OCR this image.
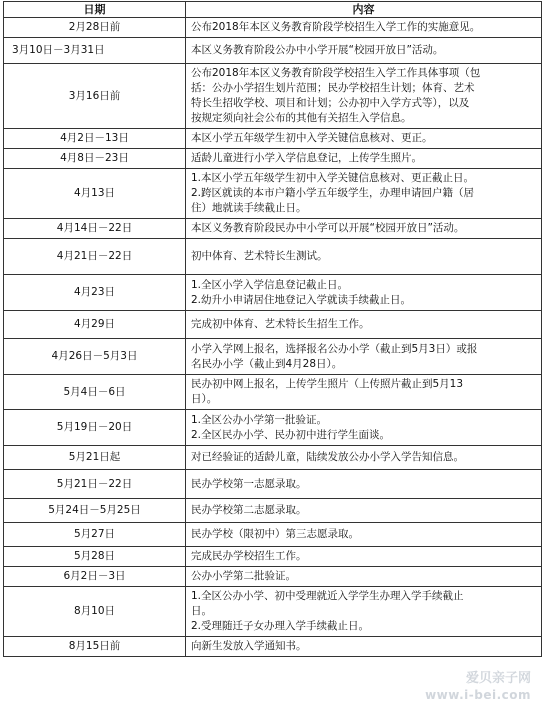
日期	内容
2月28日前	公布2018年本区义务教育阶段学校招生入学工作的实施意见。

3月10日－3月31日	本区义务教育阶段公办中小学开展“校园开放日”活动。

3月16日前	公布2018年本区义务教育阶段学校招生入学工作具体事项（包
括：公办小学招生划片范围；民办学校招生计划；体育、艺术
特长生招收学校、项目和计划；公办初中入学方式等），以及
按规定须向社会公布的其他有关招生入学信息。

4月2日－13日	本区小学五年级学生初中入学关键信息核对、更正。

4月8日－23日	适龄儿童进行小学入学信息登记，上传学生照片。

4月13日	1.本区小学五年级学生初中入学关键信息核对、更正截止日。
2.跨区就读的本市户籍小学五年级学生，办理申请回户籍（居
住）地就读手续截止日。

4月14日－22日	本区义务教育阶段民办中小学可以开展“校园开放日”活动。

4月21日－22日	初中体育、艺术特长生测试。

4月23日	1.全区小学入学信息登记截止日。
2.幼升小申请居住地登记入学就读手续截止日。

4月29日	完成初中体育、艺术特长生招生工作。

4月26日－5月3日	小学入学网上报名，选择报名公办小学（截止到5月3日）或报
名民办小学（截止到4月28日）。

5月4日－6日	民办初中网上报名，上传学生照片（上传照片截止到5月13
日）。

5月19日－20日	1.全区公办小学第一批验证。
2.全区民办小学、民办初中进行学生面谈。

5月21日起	对已经验证的适龄儿童，陆续发放公办小学入学告知信息。

5月21日－22日	民办学校第一志愿录取。

5月24日－5月25日	民办学校第二志愿录取。

5月27日	民办学校（限初中）第三志愿录取。

5月28日	完成民办学校招生工作。

6月2日－3日	公办小学第二批验证。

8月10日	1.全区公办小学、初中受理就近入学学生办理入学手续截止
日。
2.受理随迁子女办理入学手续截止日。

8月15日前	向新生发放入学通知书。
爱贝亲子网
www.i-bei.com
